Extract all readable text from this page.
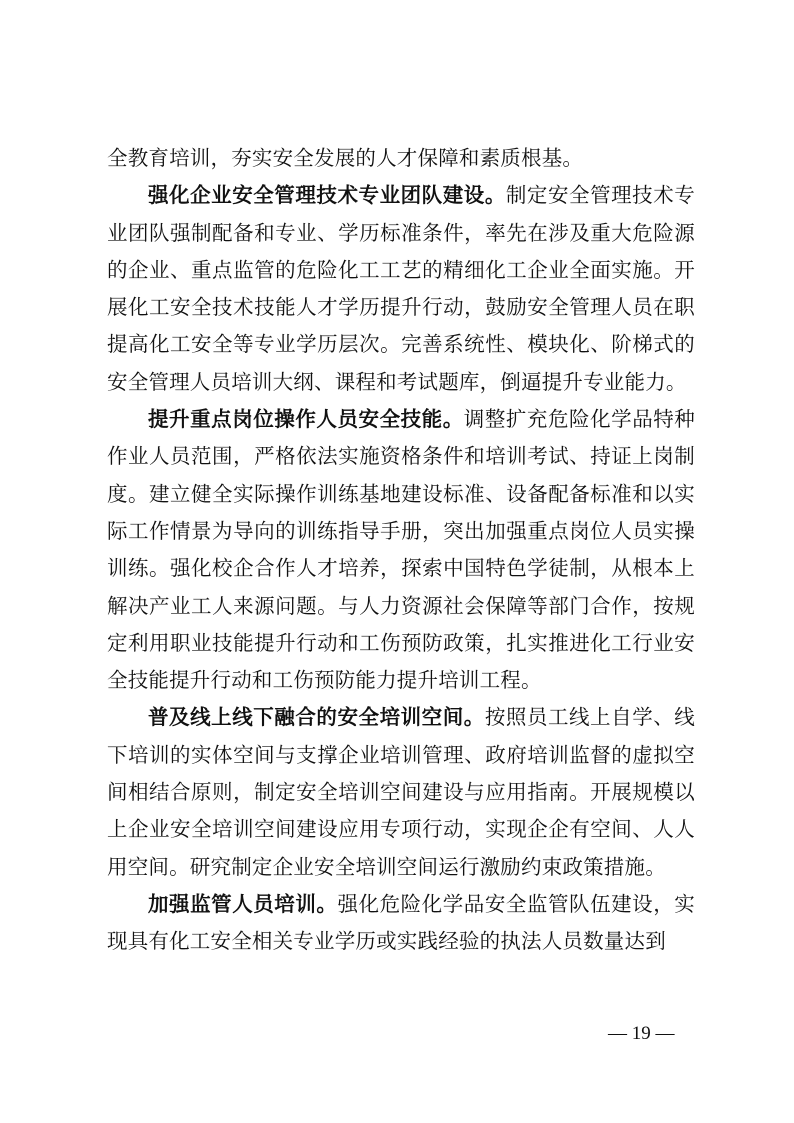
全教育培训，夯实安全发展的人才保障和素质根基。

强化企业安全管理技术专业团队建设。制定安全管理技术专业团队强制配备和专业、学历标准条件，率先在涉及重大危险源的企业、重点监管的危险化工工艺的精细化工企业全面实施。开展化工安全技术技能人才学历提升行动，鼓励安全管理人员在职提高化工安全等专业学历层次。完善系统性、模块化、阶梯式的安全管理人员培训大纲、课程和考试题库，倒逼提升专业能力。

提升重点岗位操作人员安全技能。调整扩充危险化学品特种作业人员范围，严格依法实施资格条件和培训考试、持证上岗制度。建立健全实际操作训练基地建设标准、设备配备标准和以实际工作情景为导向的训练指导手册，突出加强重点岗位人员实操训练。强化校企合作人才培养，探索中国特色学徒制，从根本上解决产业工人来源问题。与人力资源社会保障等部门合作，按规定利用职业技能提升行动和工伤预防政策，扎实推进化工行业安全技能提升行动和工伤预防能力提升培训工程。

普及线上线下融合的安全培训空间。按照员工线上自学、线下培训的实体空间与支撑企业培训管理、政府培训监督的虚拟空间相结合原则，制定安全培训空间建设与应用指南。开展规模以上企业安全培训空间建设应用专项行动，实现企企有空间、人人用空间。研究制定企业安全培训空间运行激励约束政策措施。

加强监管人员培训。强化危险化学品安全监管队伍建设，实现具有化工安全相关专业学历或实践经验的执法人员数量达到

— 19 —
